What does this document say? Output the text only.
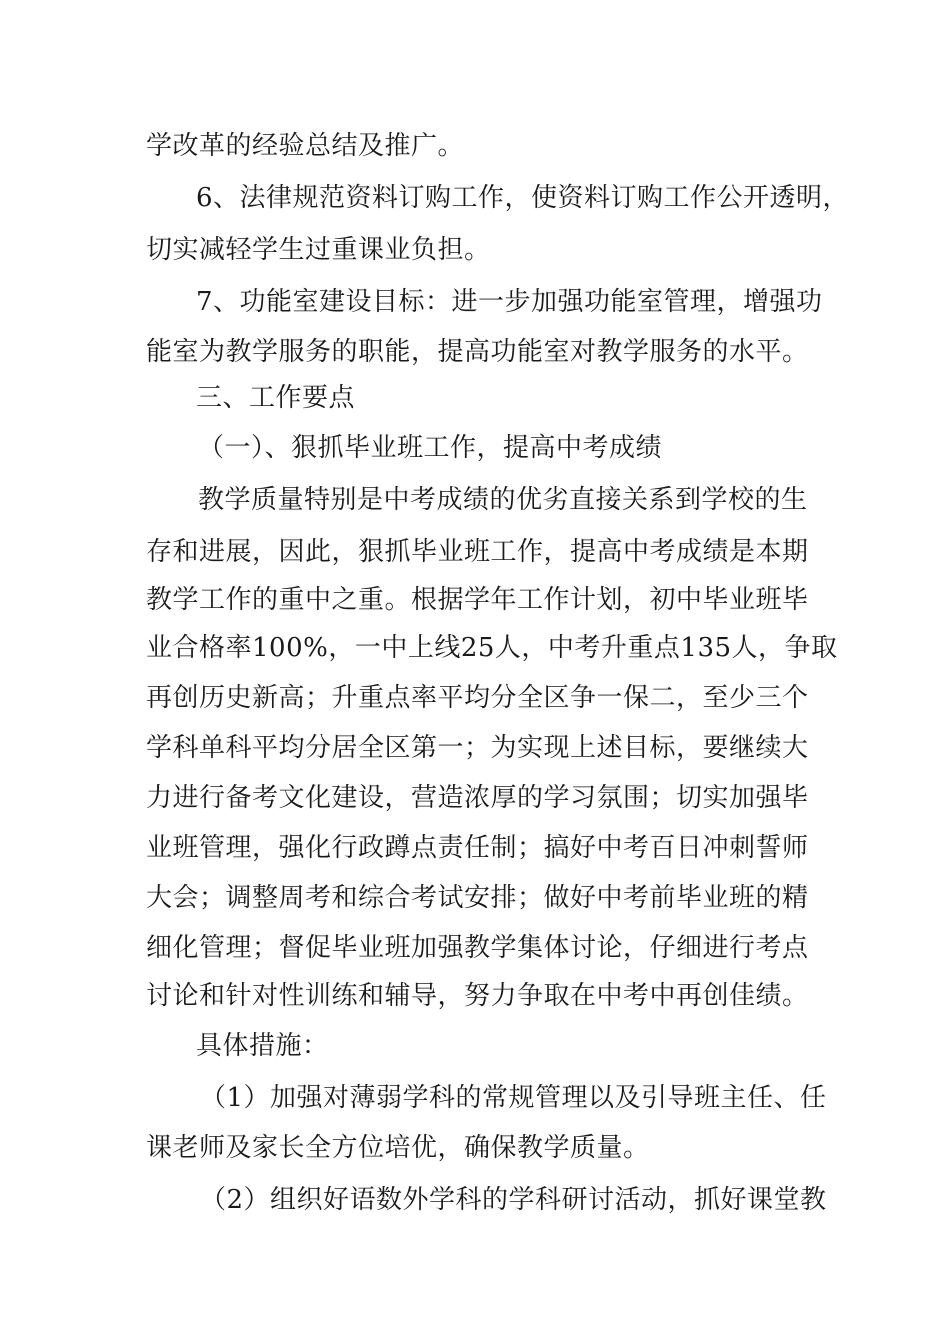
学改革的经验总结及推广。
6、法律规范资料订购工作，使资料订购工作公开透明，
切实减轻学生过重课业负担。
7、功能室建设目标：进一步加强功能室管理，增强功
能室为教学服务的职能，提高功能室对教学服务的水平。
三、工作要点
（一）、狠抓毕业班工作，提高中考成绩
教学质量特别是中考成绩的优劣直接关系到学校的生
存和进展，因此，狠抓毕业班工作，提高中考成绩是本期
教学工作的重中之重。根据学年工作计划，初中毕业班毕
业合格率100%，一中上线25人，中考升重点135人，争取
再创历史新高；升重点率平均分全区争一保二，至少三个
学科单科平均分居全区第一；为实现上述目标，要继续大
力进行备考文化建设，营造浓厚的学习氛围；切实加强毕
业班管理，强化行政蹲点责任制；搞好中考百日冲刺誓师
大会；调整周考和综合考试安排；做好中考前毕业班的精
细化管理；督促毕业班加强教学集体讨论，仔细进行考点
讨论和针对性训练和辅导，努力争取在中考中再创佳绩。
具体措施：
（1）加强对薄弱学科的常规管理以及引导班主任、任
课老师及家长全方位培优，确保教学质量。
（2）组织好语数外学科的学科研讨活动，抓好课堂教
